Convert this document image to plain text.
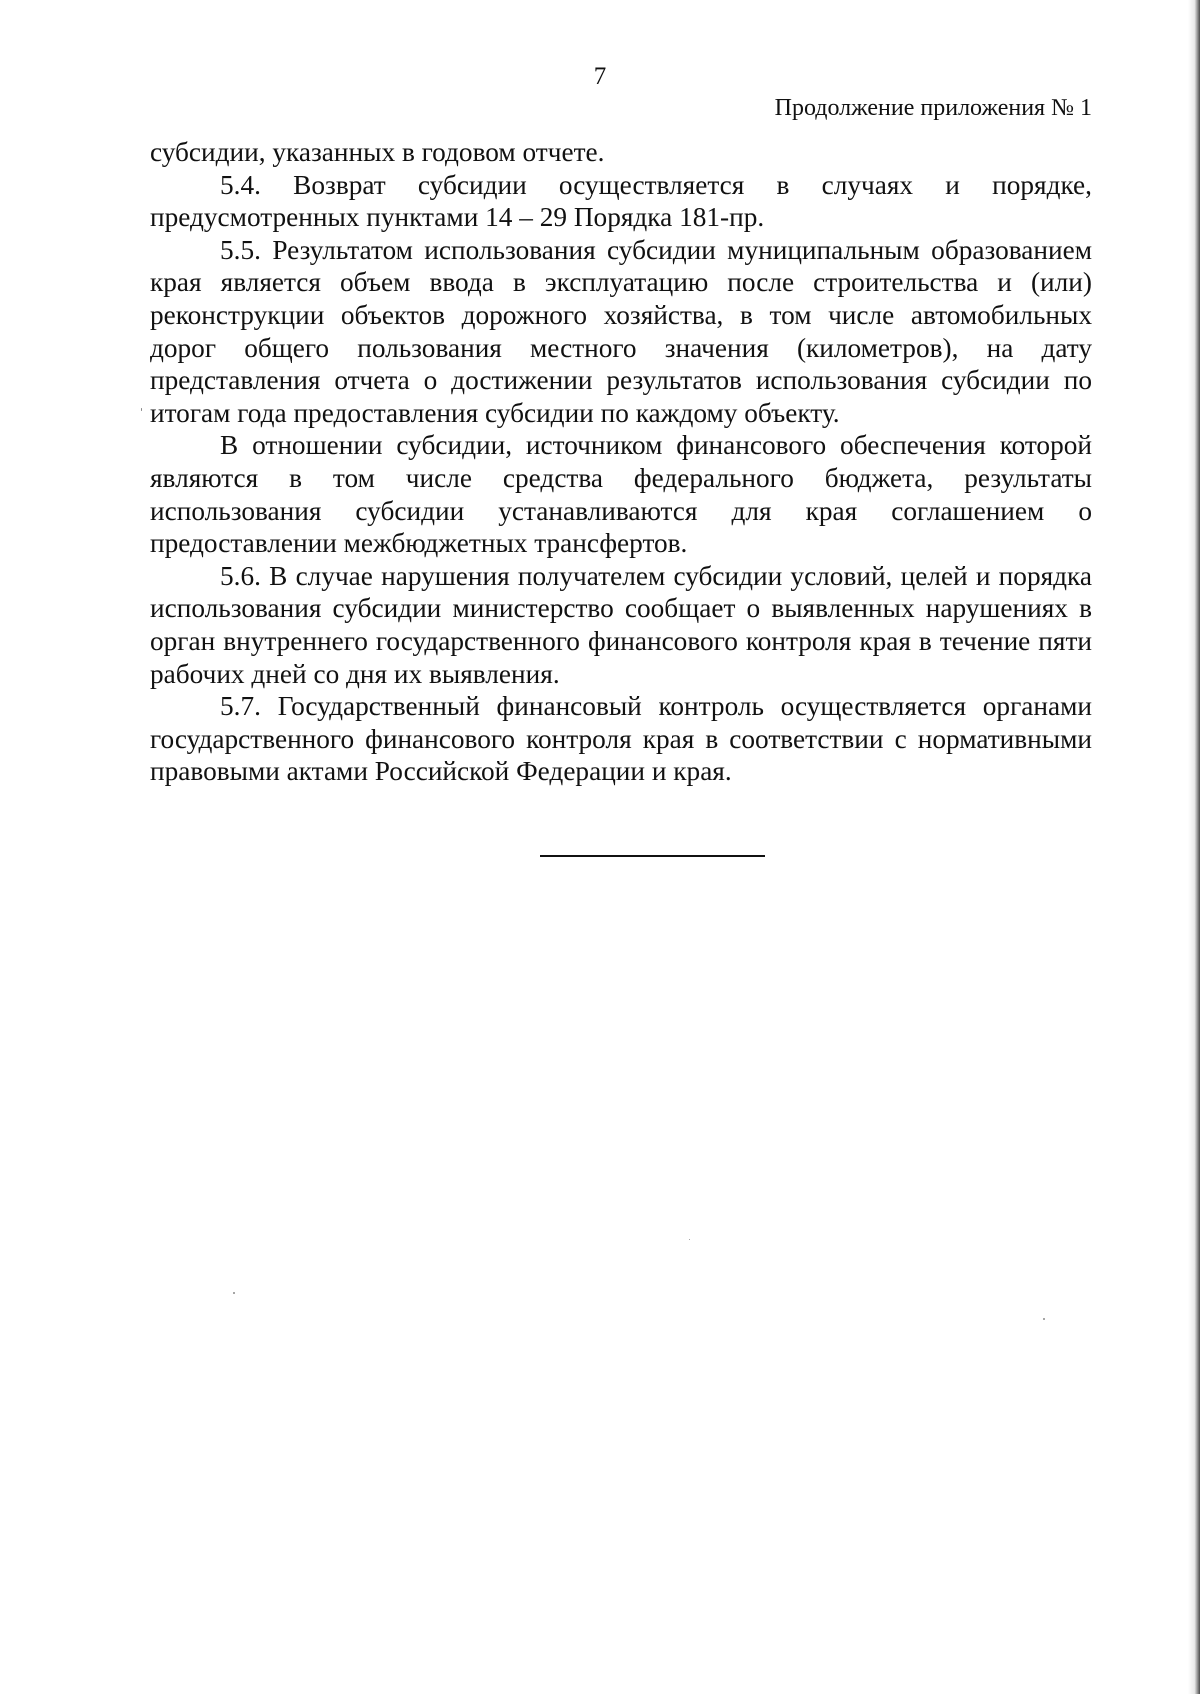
7
Продолжение приложения № 1

субсидии, указанных в годовом отчете.

5.4. Возврат субсидии осуществляется в случаях и порядке, предусмотренных пунктами 14 – 29 Порядка 181-пр.

5.5. Результатом использования субсидии муниципальным образованием края является объем ввода в эксплуатацию после строительства и (или) реконструкции объектов дорожного хозяйства, в том числе автомобильных дорог общего пользования местного значения (километров), на дату представления отчета о достижении результатов использования субсидии по итогам года предоставления субсидии по каждому объекту.

В отношении субсидии, источником финансового обеспечения которой являются в том числе средства федерального бюджета, результаты использования субсидии устанавливаются для края соглашением о предоставлении межбюджетных трансфертов.

5.6. В случае нарушения получателем субсидии условий, целей и порядка использования субсидии министерство сообщает о выявленных нарушениях в орган внутреннего государственного финансового контроля края в течение пяти рабочих дней со дня их выявления.

5.7. Государственный финансовый контроль осуществляется органами государственного финансового контроля края в соответствии с нормативными правовыми актами Российской Федерации и края.
